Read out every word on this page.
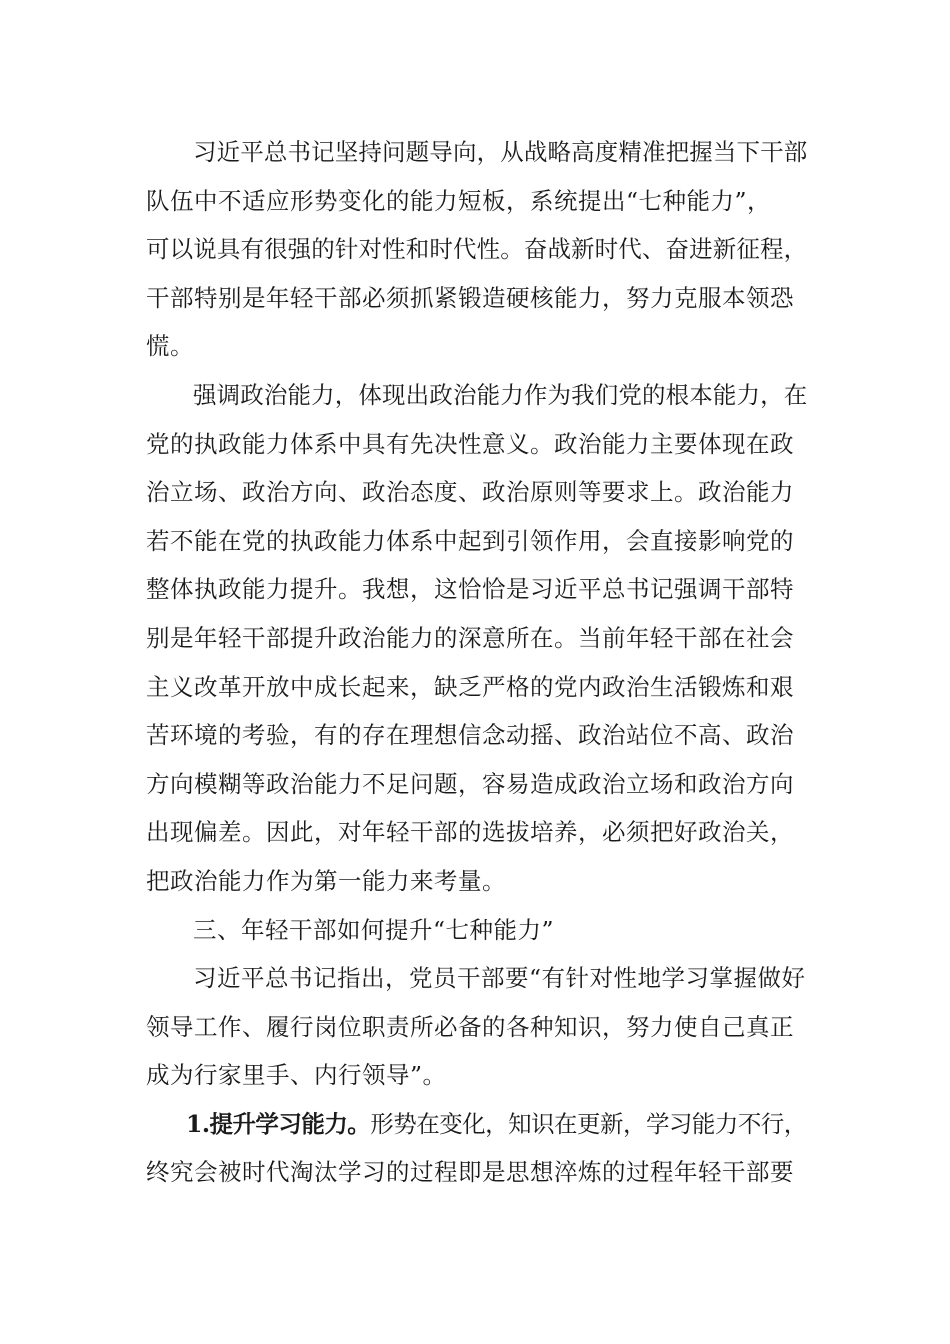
习近平总书记坚持问题导向，从战略高度精准把握当下干部
队伍中不适应形势变化的能力短板，系统提出“七种能力”，
可以说具有很强的针对性和时代性。奋战新时代、奋进新征程，
干部特别是年轻干部必须抓紧锻造硬核能力，努力克服本领恐
慌。
强调政治能力，体现出政治能力作为我们党的根本能力，在
党的执政能力体系中具有先决性意义。政治能力主要体现在政
治立场、政治方向、政治态度、政治原则等要求上。政治能力
若不能在党的执政能力体系中起到引领作用，会直接影响党的
整体执政能力提升。我想，这恰恰是习近平总书记强调干部特
别是年轻干部提升政治能力的深意所在。当前年轻干部在社会
主义改革开放中成长起来，缺乏严格的党内政治生活锻炼和艰
苦环境的考验，有的存在理想信念动摇、政治站位不高、政治
方向模糊等政治能力不足问题，容易造成政治立场和政治方向
出现偏差。因此，对年轻干部的选拔培养，必须把好政治关，
把政治能力作为第一能力来考量。
三、年轻干部如何提升“七种能力”
习近平总书记指出，党员干部要“有针对性地学习掌握做好
领导工作、履行岗位职责所必备的各种知识，努力使自己真正
成为行家里手、内行领导”。
1.提升学习能力。形势在变化，知识在更新，学习能力不行，
终究会被时代淘汰学习的过程即是思想淬炼的过程年轻干部要
